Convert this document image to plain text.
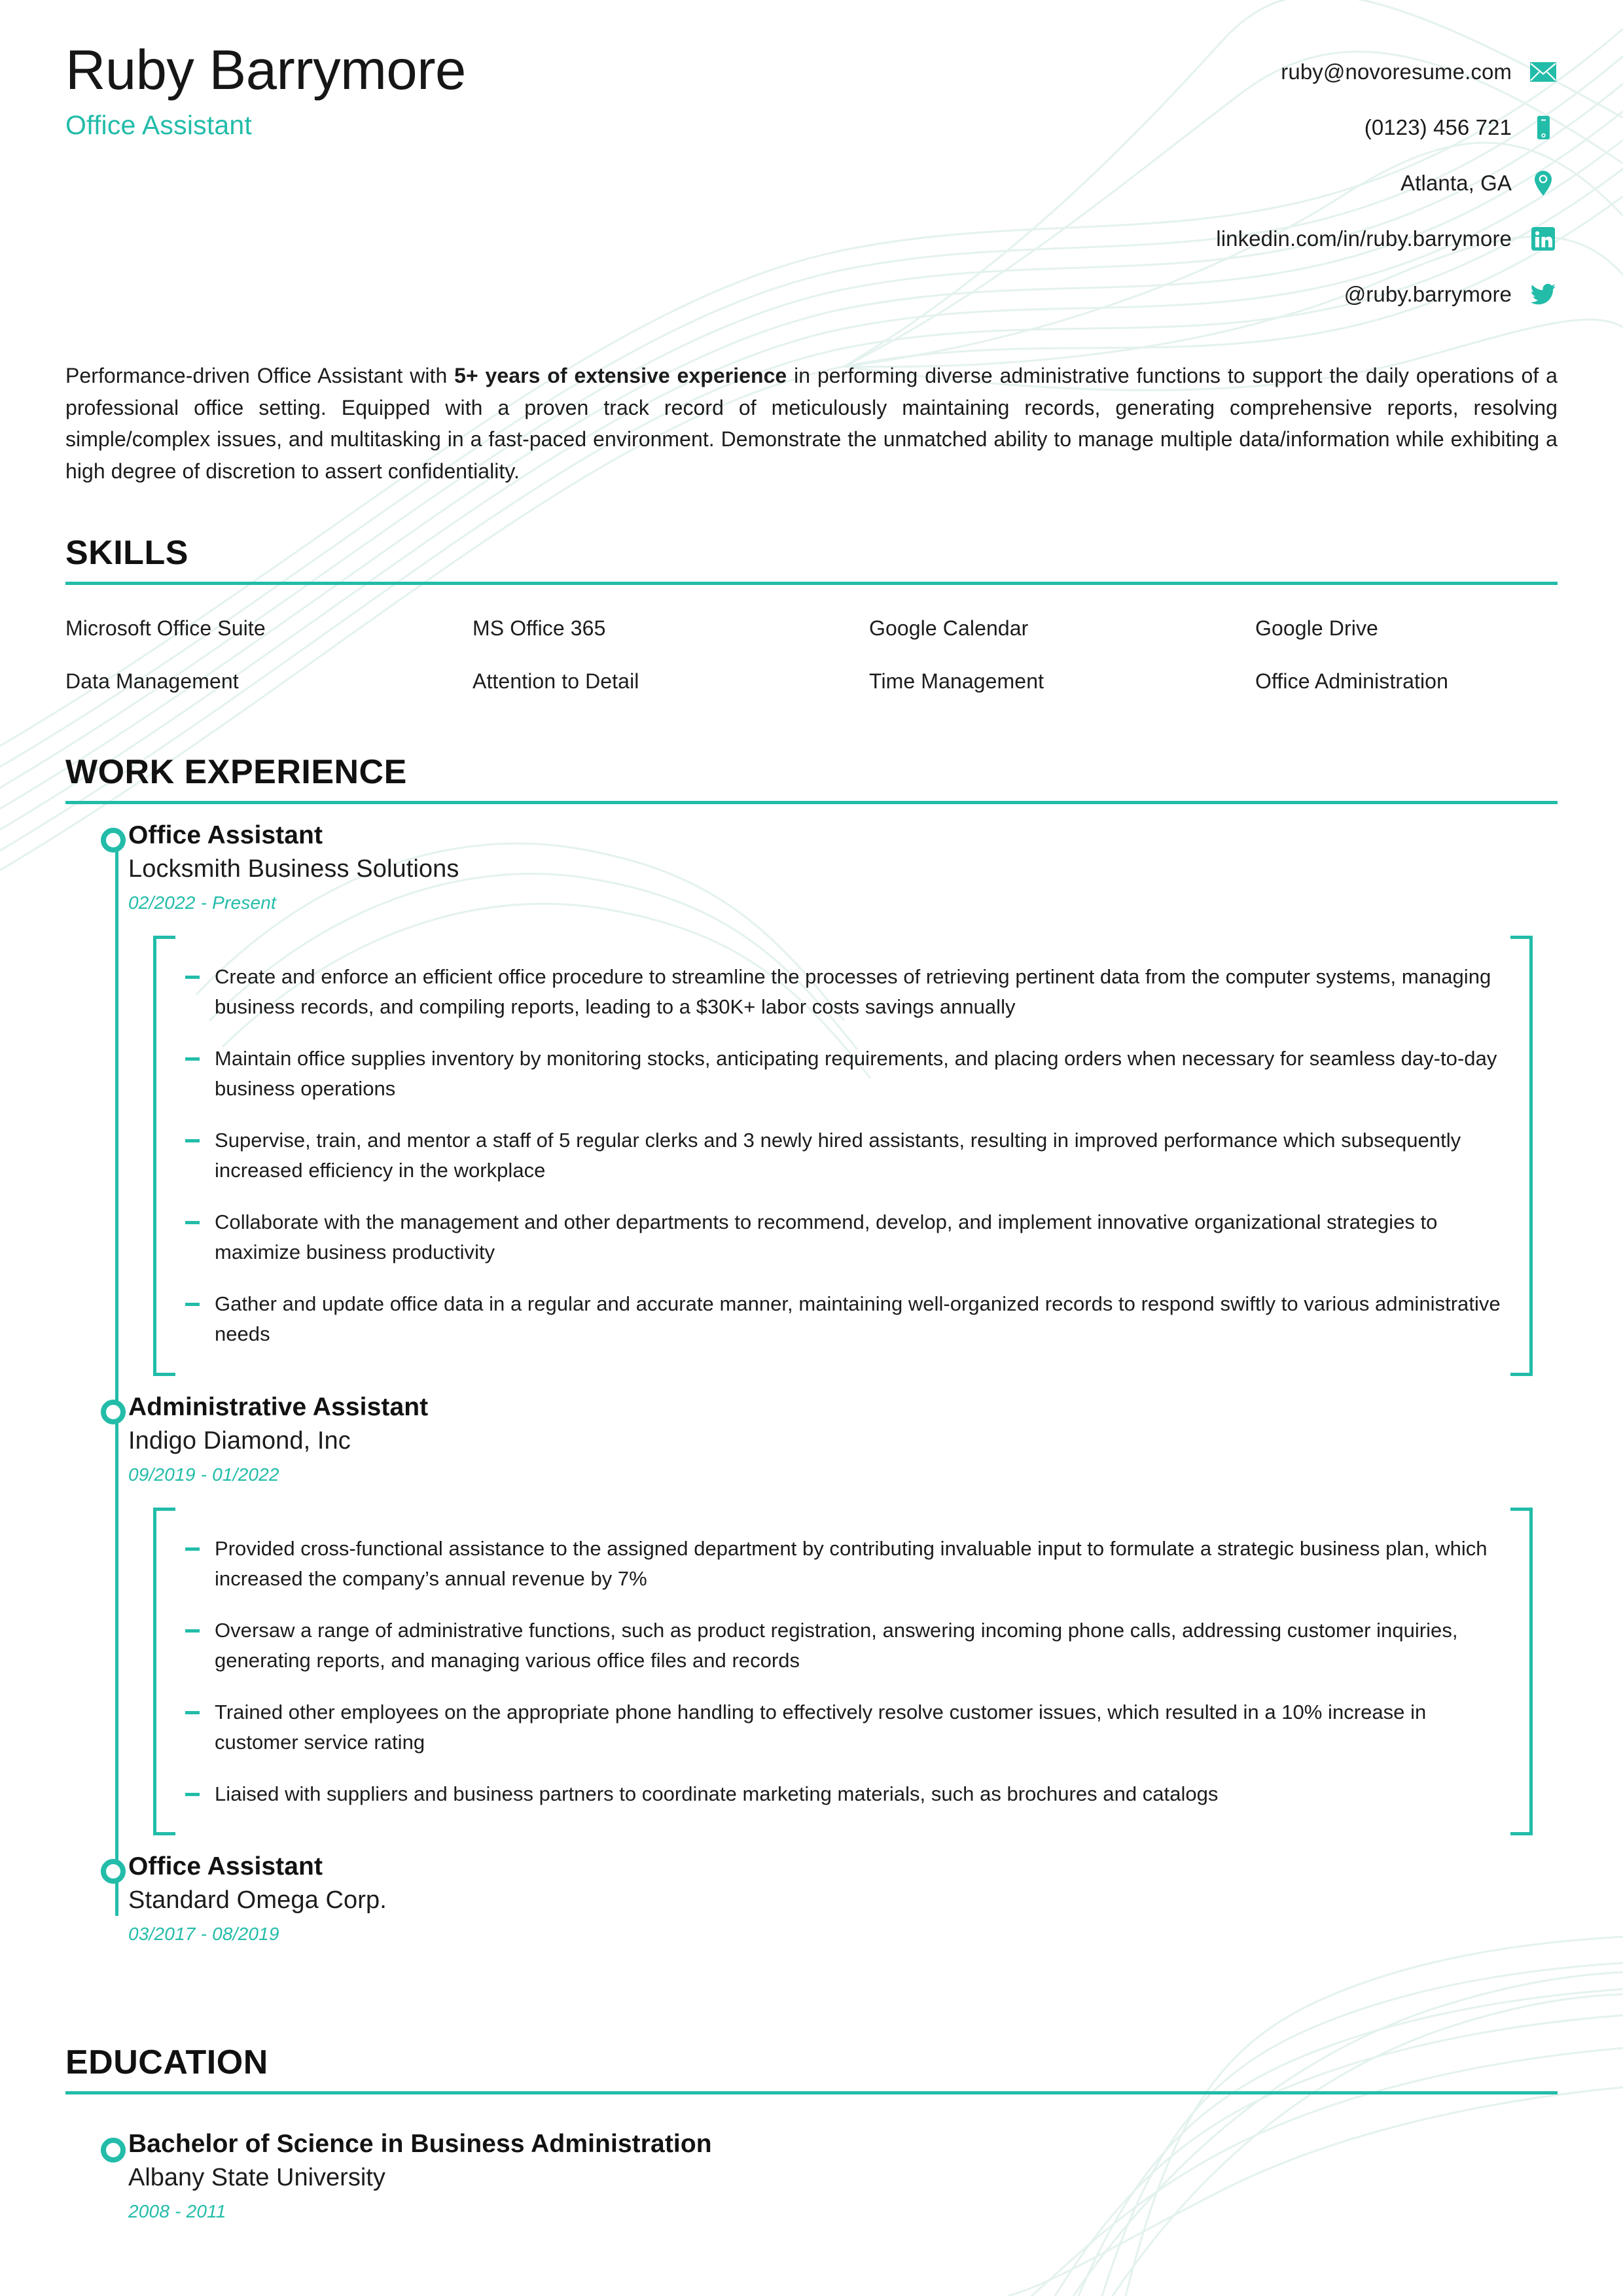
Ruby Barrymore
Office Assistant
ruby@novoresume.com
(0123) 456 721
Atlanta, GA
linkedin.com/in/ruby.barrymore
@ruby.barrymore

Performance-driven Office Assistant with 5+ years of extensive experience in performing diverse administrative functions to support the daily operations of a professional office setting. Equipped with a proven track record of meticulously maintaining records, generating comprehensive reports, resolving simple/complex issues, and multitasking in a fast-paced environment. Demonstrate the unmatched ability to manage multiple data/information while exhibiting a high degree of discretion to assert confidentiality.

SKILLS
Microsoft Office Suite	MS Office 365	Google Calendar	Google Drive
Data Management	Attention to Detail	Time Management	Office Administration
WORK EXPERIENCE
Office Assistant
Locksmith Business Solutions
02/2022 - Present
Create and enforce an efficient office procedure to streamline the processes of retrieving pertinent data from the computer systems, managing business records, and compiling reports, leading to a $30K+ labor costs savings annually
Maintain office supplies inventory by monitoring stocks, anticipating requirements, and placing orders when necessary for seamless day-to-day business operations
Supervise, train, and mentor a staff of 5 regular clerks and 3 newly hired assistants, resulting in improved performance which subsequently increased efficiency in the workplace
Collaborate with the management and other departments to recommend, develop, and implement innovative organizational strategies to maximize business productivity
Gather and update office data in a regular and accurate manner, maintaining well-organized records to respond swiftly to various administrative needs
Administrative Assistant
Indigo Diamond, Inc
09/2019 - 01/2022
Provided cross-functional assistance to the assigned department by contributing invaluable input to formulate a strategic business plan, which increased the company’s annual revenue by 7%
Oversaw a range of administrative functions, such as product registration, answering incoming phone calls, addressing customer inquiries, generating reports, and managing various office files and records
Trained other employees on the appropriate phone handling to effectively resolve customer issues, which resulted in a 10% increase in customer service rating
Liaised with suppliers and business partners to coordinate marketing materials, such as brochures and catalogs
Office Assistant
Standard Omega Corp.
03/2017 - 08/2019
EDUCATION
Bachelor of Science in Business Administration
Albany State University
2008 - 2011
